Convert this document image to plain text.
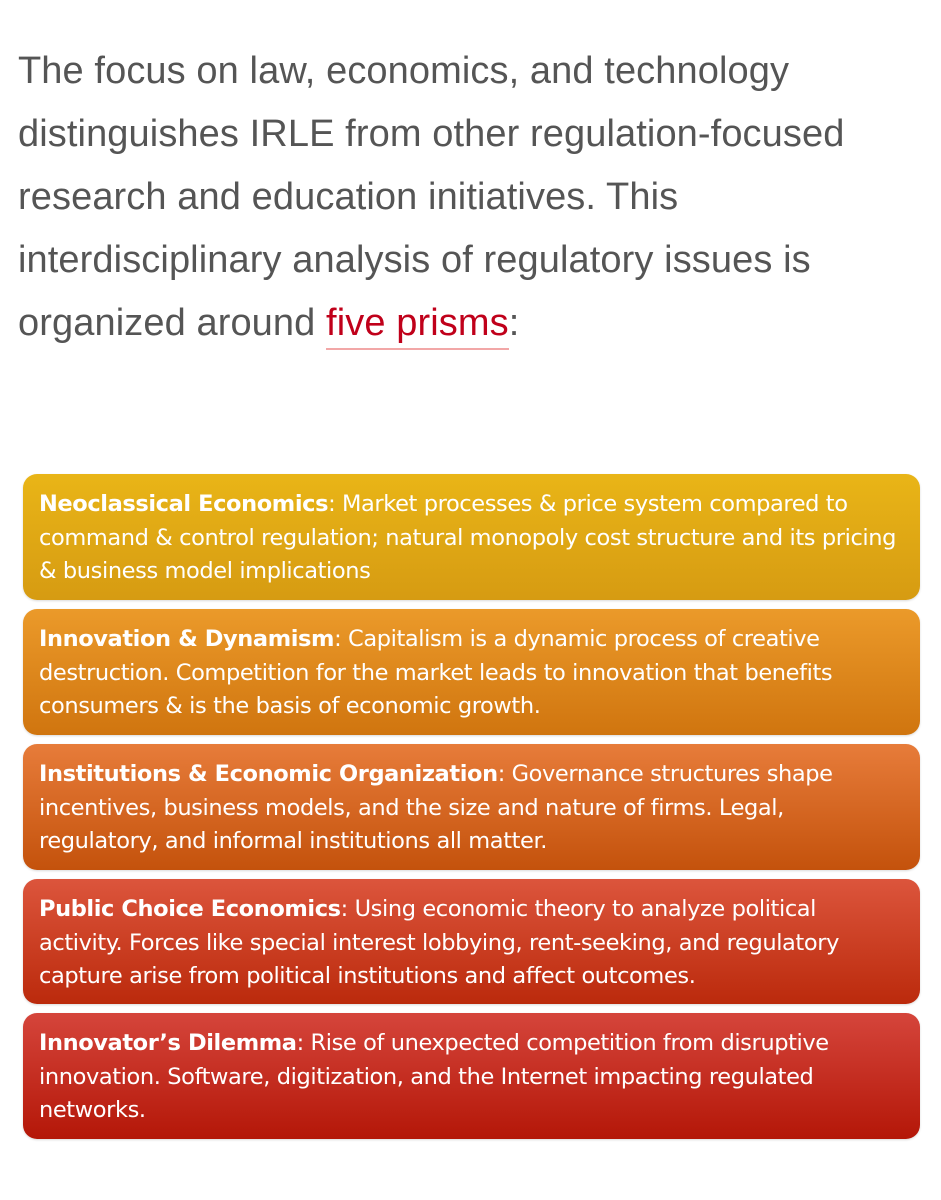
The focus on law, economics, and technology distinguishes IRLE from other regulation-focused research and education initiatives. This interdisciplinary analysis of regulatory issues is organized around five prisms:
Neoclassical Economics: Market processes & price system compared to command & control regulation; natural monopoly cost structure and its pricing & business model implications
Innovation & Dynamism: Capitalism is a dynamic process of creative destruction. Competition for the market leads to innovation that benefits consumers & is the basis of economic growth.
Institutions & Economic Organization: Governance structures shape incentives, business models, and the size and nature of firms. Legal, regulatory, and informal institutions all matter.
Public Choice Economics: Using economic theory to analyze political activity. Forces like special interest lobbying, rent-seeking, and regulatory capture arise from political institutions and affect outcomes.
Innovator’s Dilemma: Rise of unexpected competition from disruptive innovation. Software, digitization, and the Internet impacting regulated networks.
